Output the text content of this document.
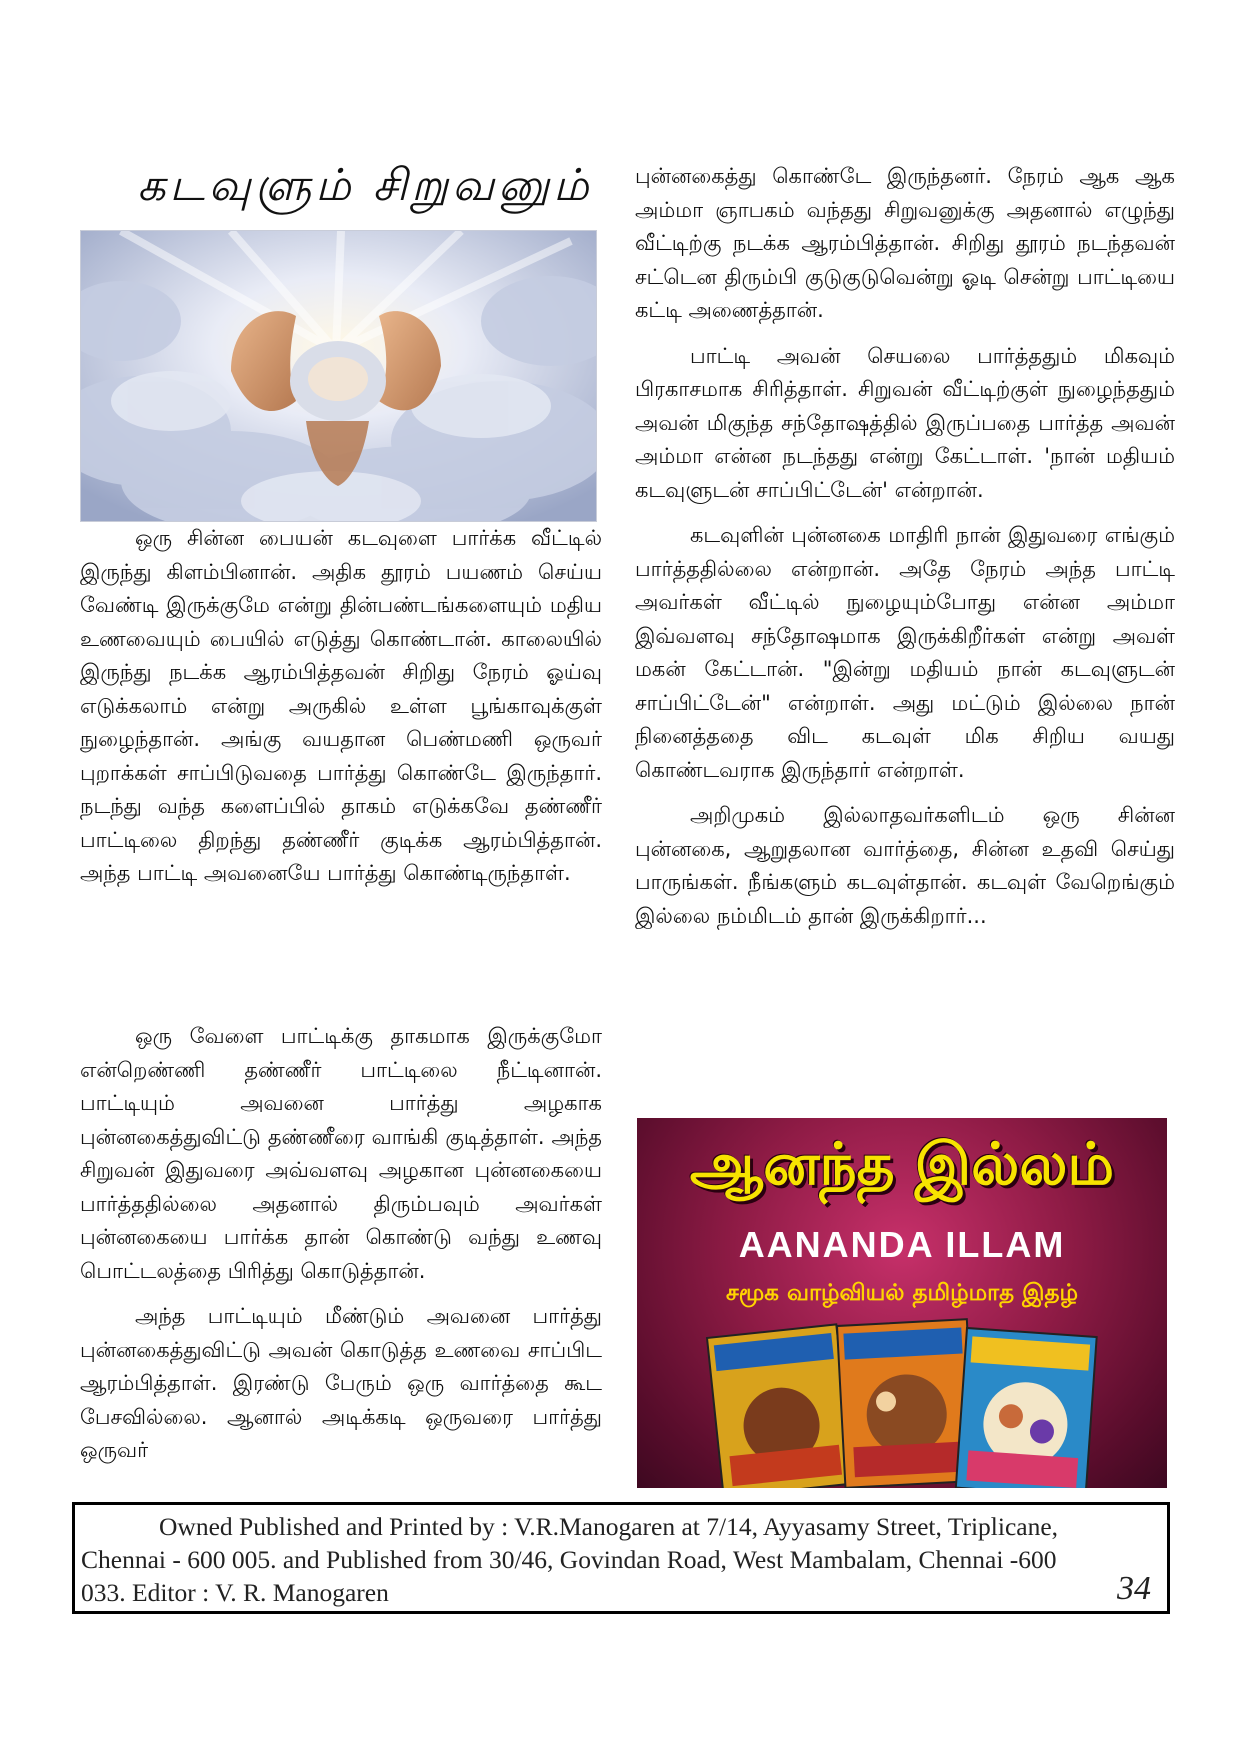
கடவுளும் சிறுவனும்

ஒரு சின்ன பையன் கடவுளை பார்க்க வீட்டில் இருந்து கிளம்பினான். அதிக தூரம் பயணம் செய்ய வேண்டி இருக்குமே என்று தின்பண்டங்களையும் மதிய உணவையும் பையில் எடுத்து கொண்டான். காலையில் இருந்து நடக்க ஆரம்பித்தவன் சிறிது நேரம் ஓய்வு எடுக்கலாம் என்று அருகில் உள்ள பூங்காவுக்குள் நுழைந்தான். அங்கு வயதான பெண்மணி ஒருவர் புறாக்கள் சாப்பிடுவதை பார்த்து கொண்டே இருந்தார். நடந்து வந்த களைப்பில் தாகம் எடுக்கவே தண்ணீர் பாட்டிலை திறந்து தண்ணீர் குடிக்க ஆரம்பித்தான். அந்த பாட்டி அவனையே பார்த்து கொண்டிருந்தாள்.

ஒரு வேளை பாட்டிக்கு தாகமாக இருக்குமோ என்றெண்ணி தண்ணீர் பாட்டிலை நீட்டினான். பாட்டியும் அவனை பார்த்து அழகாக புன்னகைத்துவிட்டு தண்ணீரை வாங்கி குடித்தாள். அந்த சிறுவன் இதுவரை அவ்வளவு அழகான புன்னகையை பார்த்ததில்லை அதனால் திரும்பவும் அவர்கள் புன்னகையை பார்க்க தான் கொண்டு வந்து உணவு பொட்டலத்தை பிரித்து கொடுத்தான்.

அந்த பாட்டியும் மீண்டும் அவனை பார்த்து புன்னகைத்துவிட்டு அவன் கொடுத்த உணவை சாப்பிட ஆரம்பித்தாள். இரண்டு பேரும் ஒரு வார்த்தை கூட பேசவில்லை. ஆனால் அடிக்கடி ஒருவரை பார்த்து ஒருவர்

புன்னகைத்து கொண்டே இருந்தனர். நேரம் ஆக ஆக அம்மா ஞாபகம் வந்தது சிறுவனுக்கு அதனால் எழுந்து வீட்டிற்கு நடக்க ஆரம்பித்தான். சிறிது தூரம் நடந்தவன் சட்டென திரும்பி குடுகுடுவென்று ஓடி சென்று பாட்டியை கட்டி அணைத்தான்.

பாட்டி அவன் செயலை பார்த்ததும் மிகவும் பிரகாசமாக சிரித்தாள். சிறுவன் வீட்டிற்குள் நுழைந்ததும் அவன் மிகுந்த சந்தோஷத்தில் இருப்பதை பார்த்த அவன் அம்மா என்ன நடந்தது என்று கேட்டாள். 'நான் மதியம் கடவுளுடன் சாப்பிட்டேன்' என்றான்.

கடவுளின் புன்னகை மாதிரி நான் இதுவரை எங்கும் பார்த்ததில்லை என்றான். அதே நேரம் அந்த பாட்டி அவர்கள் வீட்டில் நுழையும்போது என்ன அம்மா இவ்வளவு சந்தோஷமாக இருக்கிறீர்கள் என்று அவள் மகன் கேட்டான். "இன்று மதியம் நான் கடவுளுடன் சாப்பிட்டேன்" என்றாள். அது மட்டும் இல்லை நான் நினைத்ததை விட கடவுள் மிக சிறிய வயது கொண்டவராக இருந்தார் என்றாள்.

அறிமுகம் இல்லாதவர்களிடம் ஒரு சின்ன புன்னகை, ஆறுதலான வார்த்தை, சின்ன உதவி செய்து பாருங்கள். நீங்களும் கடவுள்தான். கடவுள் வேறெங்கும் இல்லை நம்மிடம் தான் இருக்கிறார்...

ஆனந்த இல்லம்
AANANDA ILLAM
சமூக வாழ்வியல் தமிழ்மாத இதழ்
Owned Published and Printed by : V.R.Manogaren at 7/14, Ayyasamy Street, Triplicane,
Chennai - 600 005. and Published from 30/46, Govindan Road, West Mambalam, Chennai -600
033. Editor : V. R. Manogaren	34
